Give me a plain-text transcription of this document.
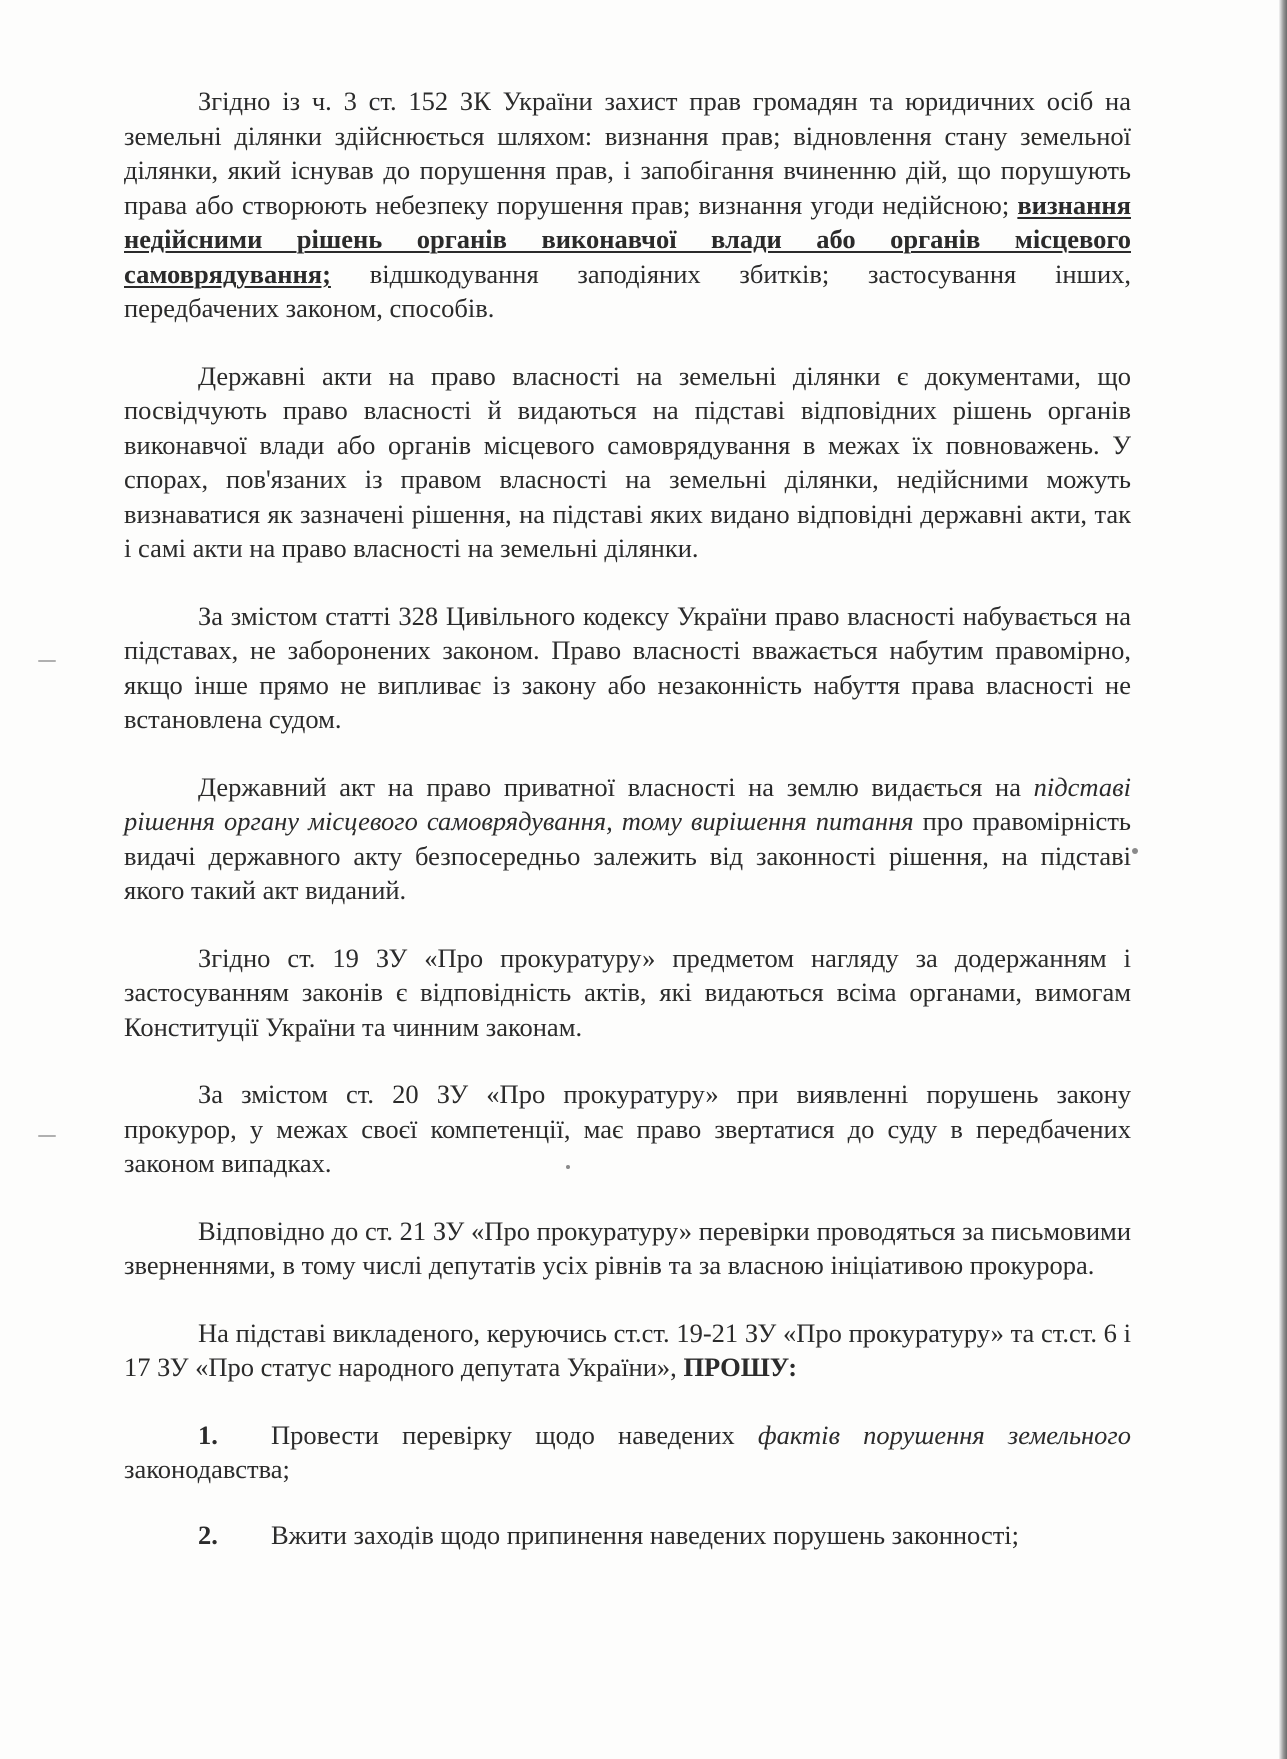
Згідно із ч. 3 ст. 152 ЗК України захист прав громадян та юридичних осіб на земельні ділянки здійснюється шляхом: визнання прав; відновлення стану земельної ділянки, який існував до порушення прав, і запобігання вчиненню дій, що порушують права або створюють небезпеку порушення прав; визнання угоди недійсною; визнання недійсними рішень органів виконавчої влади або органів місцевого самоврядування; відшкодування заподіяних збитків; застосування інших, передбачених законом, способів.

Державні акти на право власності на земельні ділянки є документами, що посвідчують право власності й видаються на підставі відповідних рішень органів виконавчої влади або органів місцевого самоврядування в межах їх повноважень. У спорах, пов'язаних із правом власності на земельні ділянки, недійсними можуть визнаватися як зазначені рішення, на підставі яких видано відповідні державні акти, так і самі акти на право власності на земельні ділянки.

За змістом статті 328 Цивільного кодексу України право власності набувається на підставах, не заборонених законом. Право власності вважається набутим правомірно, якщо інше прямо не випливає із закону або незаконність набуття права власності не встановлена судом.

Державний акт на право приватної власності на землю видається на підставі рішення органу місцевого самоврядування, тому вирішення питання про правомірність видачі державного акту безпосередньо залежить від законності рішення, на підставі якого такий акт виданий.

Згідно ст. 19 ЗУ «Про прокуратуру» предметом нагляду за додержанням і застосуванням законів є відповідність актів, які видаються всіма органами, вимогам Конституції України та чинним законам.

За змістом ст. 20 ЗУ «Про прокуратуру» при виявленні порушень закону прокурор, у межах своєї компетенції, має право звертатися до суду в передбачених законом випадках.

Відповідно до ст. 21 ЗУ «Про прокуратуру» перевірки проводяться за письмовими зверненнями, в тому числі депутатів усіх рівнів та за власною ініціативою прокурора.

На підставі викладеного, керуючись ст.ст. 19-21 ЗУ «Про прокуратуру» та ст.ст. 6 і 17 ЗУ «Про статус народного депутата України», ПРОШУ:

1. Провести перевірку щодо наведених фактів порушення земельного законодавства;

2. Вжити заходів щодо припинення наведених порушень законності;
